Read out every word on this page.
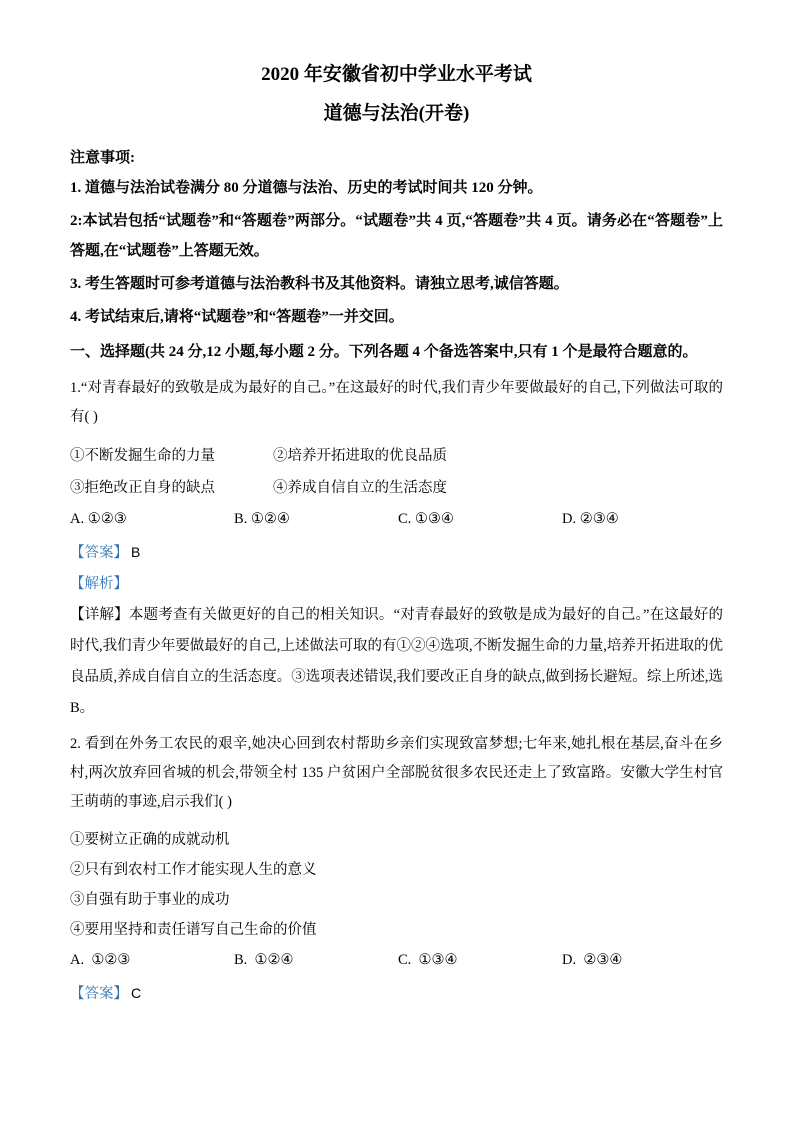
2020 年安徽省初中学业水平考试
道德与法治(开卷)

注意事项:

1. 道德与法治试卷满分 80 分道德与法治、历史的考试时间共 120 分钟。

2:本试岩包括“试题卷”和“答题卷”两部分。“试题卷”共 4 页,“答题卷”共 4 页。请务必在“答题卷”上答题,在“试题卷”上答题无效。

3. 考生答题时可参考道德与法治教科书及其他资料。请独立思考,诚信答题。

4. 考试结束后,请将“试题卷”和“答题卷”一并交回。

一、选择题(共 24 分,12 小题,每小题 2 分。下列各题 4 个备选答案中,只有 1 个是最符合题意的。

1.“对青春最好的致敬是成为最好的自己。”在这最好的时代,我们青少年要做最好的自己,下列做法可取的有( )

①不断发掘生命的力量	②培养开拓进取的优良品质
③拒绝改正自身的缺点	④养成自信自立的生活态度
A. ①②③	B. ①②④	C. ①③④	D. ②③④

【答案】 B

【解析】

【详解】本题考查有关做更好的自己的相关知识。“对青春最好的致敬是成为最好的自己。”在这最好的时代,我们青少年要做最好的自己,上述做法可取的有①②④选项,不断发掘生命的力量,培养开拓进取的优良品质,养成自信自立的生活态度。③选项表述错误,我们要改正自身的缺点,做到扬长避短。综上所述,选 B。

2. 看到在外务工农民的艰辛,她决心回到农村帮助乡亲们实现致富梦想;七年来,她扎根在基层,奋斗在乡村,两次放弃回省城的机会,带领全村 135 户贫困户全部脱贫很多农民还走上了致富路。安徽大学生村官王萌萌的事迹,启示我们( )

①要树立正确的成就动机

②只有到农村工作才能实现人生的意义

③自强有助于事业的成功

④要用坚持和责任谱写自己生命的价值

A.  ①②③	B.  ①②④	C.  ①③④	D.  ②③④

【答案】 C
